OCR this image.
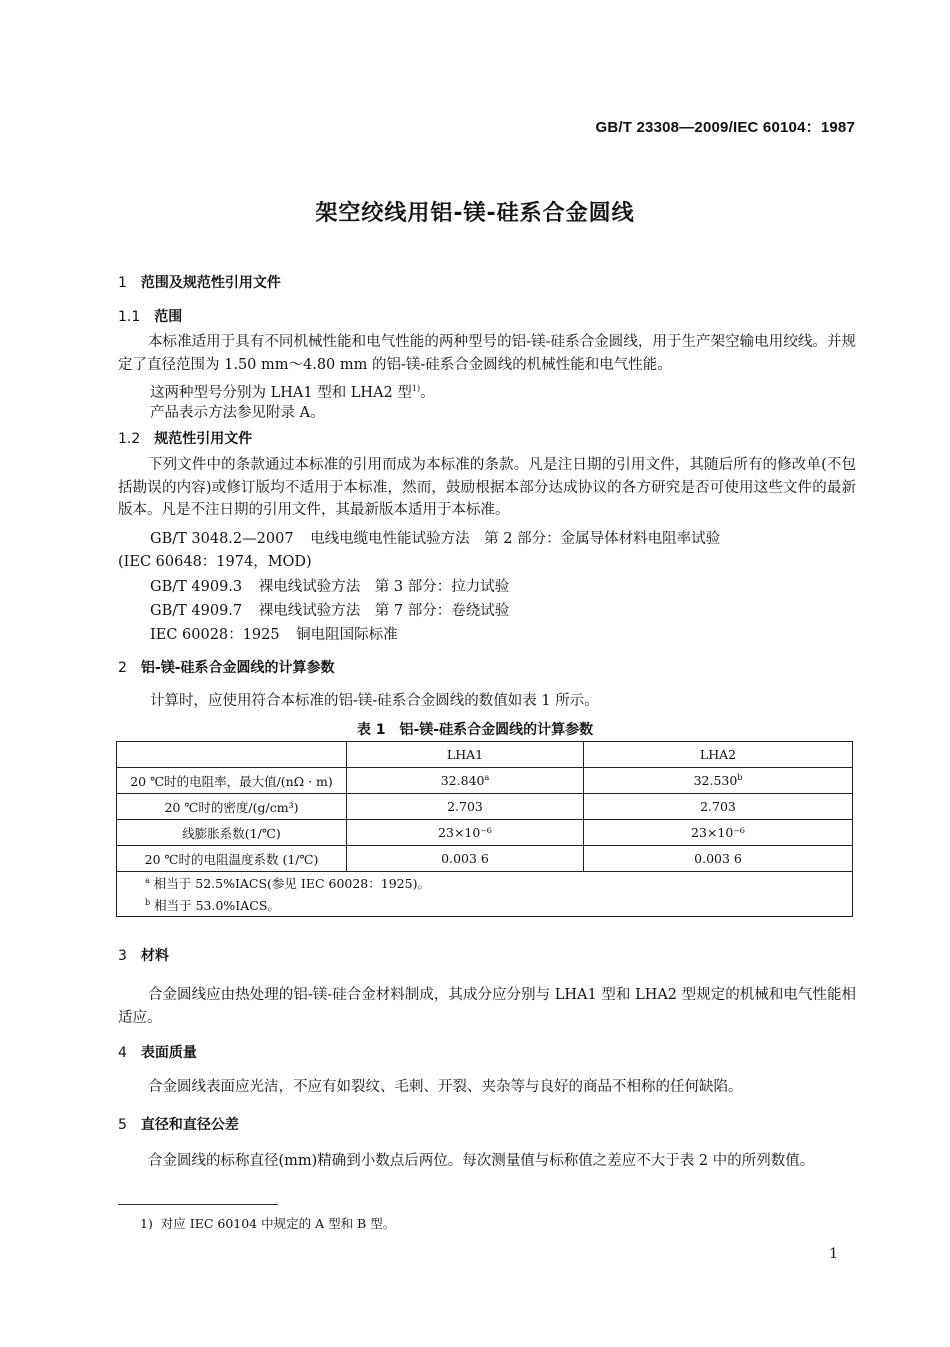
GB/T 23308—2009/IEC 60104：1987
架空绞线用铝-镁-硅系合金圆线
1 范围及规范性引用文件
1.1 范围
本标准适用于具有不同机械性能和电气性能的两种型号的铝-镁-硅系合金圆线，用于生产架空输电用绞线。并规定了直径范围为 1.50 mm～4.80 mm 的铝-镁-硅系合金圆线的机械性能和电气性能。
这两种型号分别为 LHA1 型和 LHA2 型$^{1)}$。
产品表示方法参见附录 A。
1.2 规范性引用文件
下列文件中的条款通过本标准的引用而成为本标准的条款。凡是注日期的引用文件，其随后所有的修改单(不包括勘误的内容)或修订版均不适用于本标准，然而，鼓励根据本部分达成协议的各方研究是否可使用这些文件的最新版本。凡是不注日期的引用文件，其最新版本适用于本标准。
GB/T 3048.2—2007 电线电缆电性能试验方法　第 2 部分：金属导体材料电阻率试验
(IEC 60648：1974，MOD)
GB/T 4909.3 裸电线试验方法　第 3 部分：拉力试验
GB/T 4909.7 裸电线试验方法　第 7 部分：卷绕试验
IEC 60028：1925 铜电阻国际标准
2 铝-镁-硅系合金圆线的计算参数
计算时，应使用符合本标准的铝-镁-硅系合金圆线的数值如表 1 所示。
表 1　铝-镁-硅系合金圆线的计算参数
	LHA1	LHA2
20 ℃时的电阻率，最大值/(nΩ · m)	32.840$^a$	32.530$^b$
20 ℃时的密度/(g/cm³)	2.703	2.703
线膨胀系数(1/℃)	23×10⁻⁶	23×10⁻⁶
20 ℃时的电阻温度系数 (1/℃)	0.003 6	0.003 6
$^a$ 相当于 52.5%IACS(参见 IEC 60028：1925)。		
$^b$ 相当于 53.0%IACS。		
3 材料
合金圆线应由热处理的铝-镁-硅合金材料制成，其成分应分别与 LHA1 型和 LHA2 型规定的机械和电气性能相适应。
4 表面质量
合金圆线表面应光洁，不应有如裂纹、毛刺、开裂、夹杂等与良好的商品不相称的任何缺陷。
5 直径和直径公差
合金圆线的标称直径(mm)精确到小数点后两位。每次测量值与标称值之差应不大于表 2 中的所列数值。
1) 对应 IEC 60104 中规定的 A 型和 B 型。
1
